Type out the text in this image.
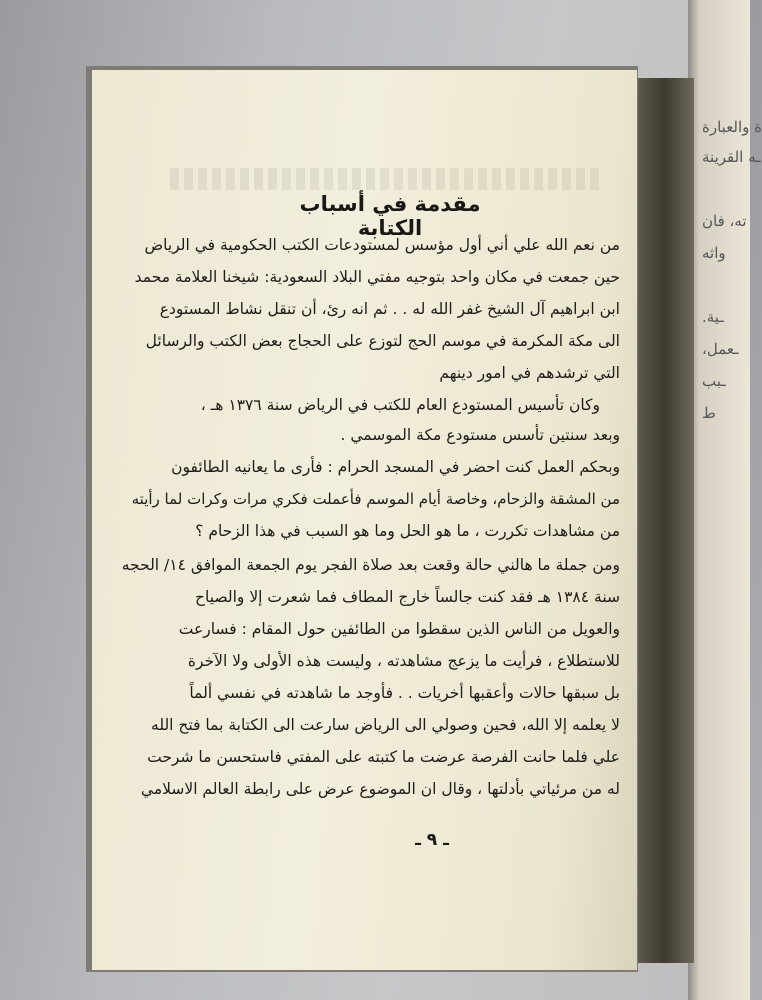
ة والعبارة
ـه القرينة
ته، فان
واثه
ـية.
ـعمل،
ـبب
ط
مقدمة في أسباب الكتابة

من نعم الله علي أني أول مؤسس لمستودعات الكتب الحكومية في الرياض

حين جمعت في مكان واحد بتوجيه مفتي البلاد السعودية: شيخنا العلامة محمد

ابن ابراهيم آل الشيخ غفر الله له . . ثم انه رئ، أن تنقل نشاط المستودع

الى مكة المكرمة في موسم الحج لتوزع على الحجاج بعض الكتب والرسائل

التي ترشدهم في امور دينهم

وكان تأسيس المستودع العام للكتب في الرياض سنة ١٣٧٦ هـ ،

وبعد سنتين تأسس مستودع مكة الموسمي .

وبحكم العمل كنت احضر في المسجد الحرام : فأرى ما يعانيه الطائفون

من المشقة والزحام، وخاصة أيام الموسم فأعملت فكري مرات وكرات لما رأيته

من مشاهدات تكررت ، ما هو الحل وما هو السبب في هذا الزحام ؟

ومن جملة ما هالني حالة وقعت بعد صلاة الفجر يوم الجمعة الموافق ١٤/ الحجه

سنة ١٣٨٤ هـ فقد كنت جالساً خارج المطاف فما شعرت إلا والصياح

والعويل من الناس الذين سقطوا من الطائفين حول المقام : فسارعت

للاستطلاع ، فرأيت ما يزعج مشاهدته ، وليست هذه الأولى ولا الآخرة

بل سبقها حالات وأعقبها أخريات . . فأوجد ما شاهدته في نفسي ألماً

لا يعلمه إلا الله، فحين وصولي الى الرياض سارعت الى الكتابة بما فتح الله

علي فلما حانت الفرصة عرضت ما كتبته على المفتي فاستحسن ما شرحت

له من مرئياتي بأدلتها ، وقال ان الموضوع عرض على رابطة العالم الاسلامي

ـ ٩ ـ
